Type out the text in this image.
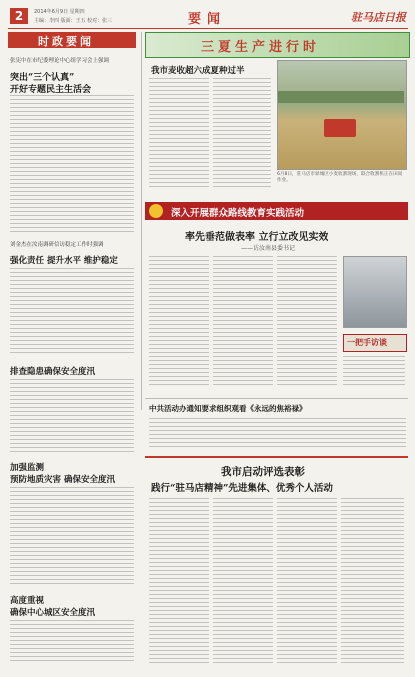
2	2014年6月9日 星期四
主编：李四 版面：王五 校对：张三	要闻	驻马店日报
时政要闻
张宪中在市纪委理论中心组学习会上强调
突出“三个认真”
开好专题民主生活会
刘金杰在汝南调研信访稳定工作时强调
强化责任 提升水平 维护稳定
排查隐患确保安全度汛
加强监测
预防地质灾害 确保安全度汛
高度重视
确保中心城区安全度汛
三夏生产进行时
我市麦收超六成夏种过半
6月8日，驻马店市驿城区小麦收割现场，联合收割机正在田间作业。
深入开展群众路线教育实践活动
率先垂范做表率 立行立改见实效
——访汝南县委书记
一把手访谈
中共活动办通知要求组织观看《永远的焦裕禄》
我市启动评选表彰
践行“驻马店精神”先进集体、优秀个人活动
